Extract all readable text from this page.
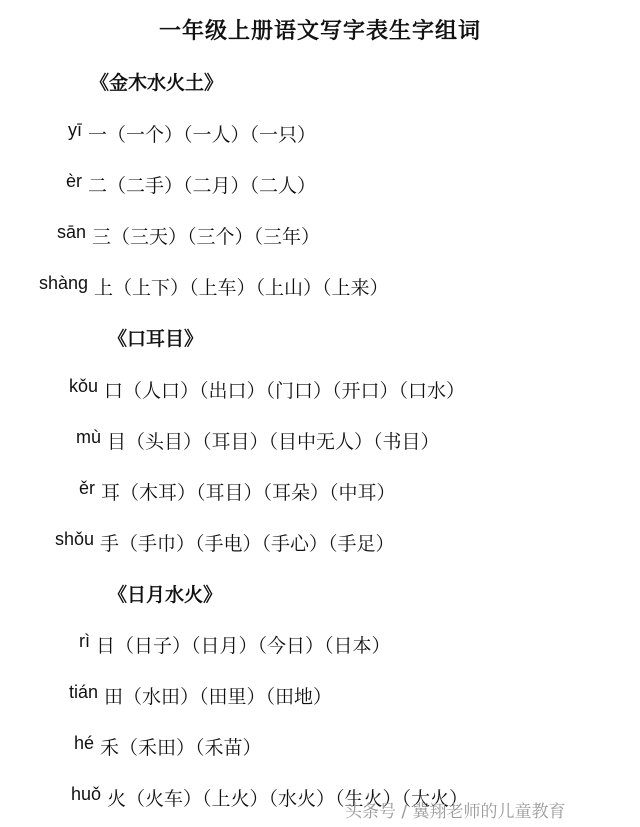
一年级上册语文写字表生字组词
《金木水火土》
yī 一（一个）（一人）（一只）
èr 二（二手）（二月）（二人）
sān 三（三天）（三个）（三年）
shàng 上（上下）（上车）（上山）（上来）
《口耳目》
kǒu 口（人口）（出口）（门口）（开口）（口水）
mù 目（头目）（耳目）（目中无人）（书目）
ěr 耳（木耳）（耳目）（耳朵）（中耳）
shǒu 手（手巾）（手电）（手心）（手足）
《日月水火》
rì 日（日子）（日月）（今日）（日本）
tián 田（水田）（田里）（田地）
hé 禾（禾田）（禾苗）
huǒ 火（火车）（上火）（水火）（生火）（大火）
头条号 / 冀翔老师的儿童教育
